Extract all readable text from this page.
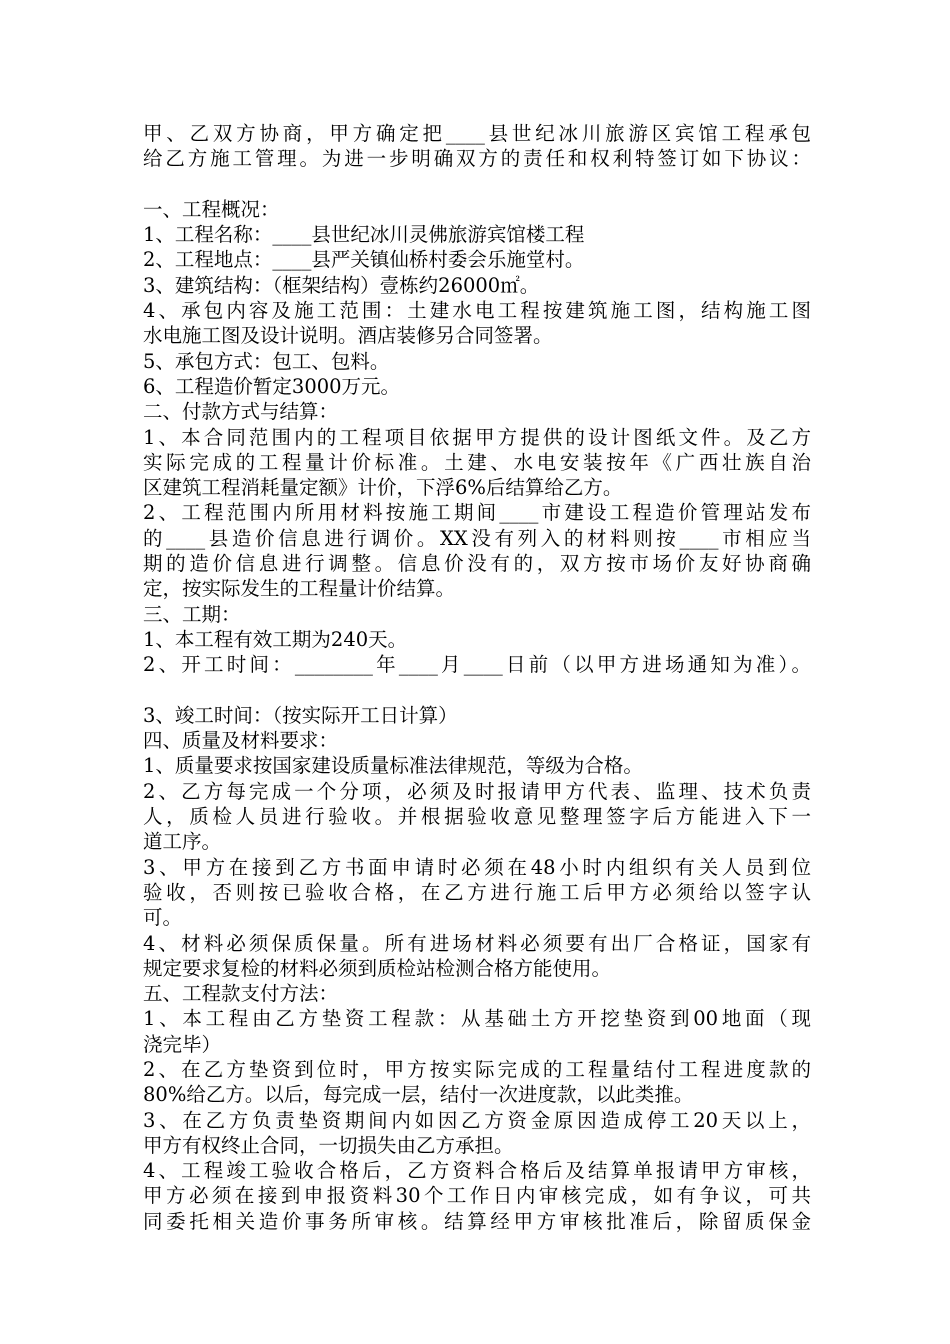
甲、乙双方协商，甲方确定把____县世纪冰川旅游区宾馆工程承包
给乙方施工管理。为进一步明确双方的责任和权利特签订如下协议：
一、工程概况：
1、工程名称：____县世纪冰川灵佛旅游宾馆楼工程
2、工程地点：____县严关镇仙桥村委会乐施堂村。
3、建筑结构：（框架结构）壹栋约26000㎡。
4、承包内容及施工范围：土建水电工程按建筑施工图，结构施工图
水电施工图及设计说明。酒店装修另合同签署。
5、承包方式：包工、包料。
6、工程造价暂定3000万元。
二、付款方式与结算：
1、本合同范围内的工程项目依据甲方提供的设计图纸文件。及乙方
实际完成的工程量计价标准。土建、水电安装按年《广西壮族自治
区建筑工程消耗量定额》计价，下浮6%后结算给乙方。
2、工程范围内所用材料按施工期间____市建设工程造价管理站发布
的____县造价信息进行调价。XX没有列入的材料则按____市相应当
期的造价信息进行调整。信息价没有的，双方按市场价友好协商确
定，按实际发生的工程量计价结算。
三、工期：
1、本工程有效工期为240天。
2、开工时间：________年____月____日前（以甲方进场通知为准）。
3、竣工时间：（按实际开工日计算）
四、质量及材料要求：
1、质量要求按国家建设质量标准法律规范，等级为合格。
2、乙方每完成一个分项，必须及时报请甲方代表、监理、技术负责
人，质检人员进行验收。并根据验收意见整理签字后方能进入下一
道工序。
3、甲方在接到乙方书面申请时必须在48小时内组织有关人员到位
验收，否则按已验收合格，在乙方进行施工后甲方必须给以签字认
可。
4、材料必须保质保量。所有进场材料必须要有出厂合格证，国家有
规定要求复检的材料必须到质检站检测合格方能使用。
五、工程款支付方法：
1、本工程由乙方垫资工程款：从基础土方开挖垫资到00地面（现
浇完毕）
2、在乙方垫资到位时，甲方按实际完成的工程量结付工程进度款的
80%给乙方。以后，每完成一层，结付一次进度款，以此类推。
3、在乙方负责垫资期间内如因乙方资金原因造成停工20天以上，
甲方有权终止合同，一切损失由乙方承担。
4、工程竣工验收合格后，乙方资料合格后及结算单报请甲方审核，
甲方必须在接到申报资料30个工作日内审核完成，如有争议，可共
同委托相关造价事务所审核。结算经甲方审核批准后，除留质保金
